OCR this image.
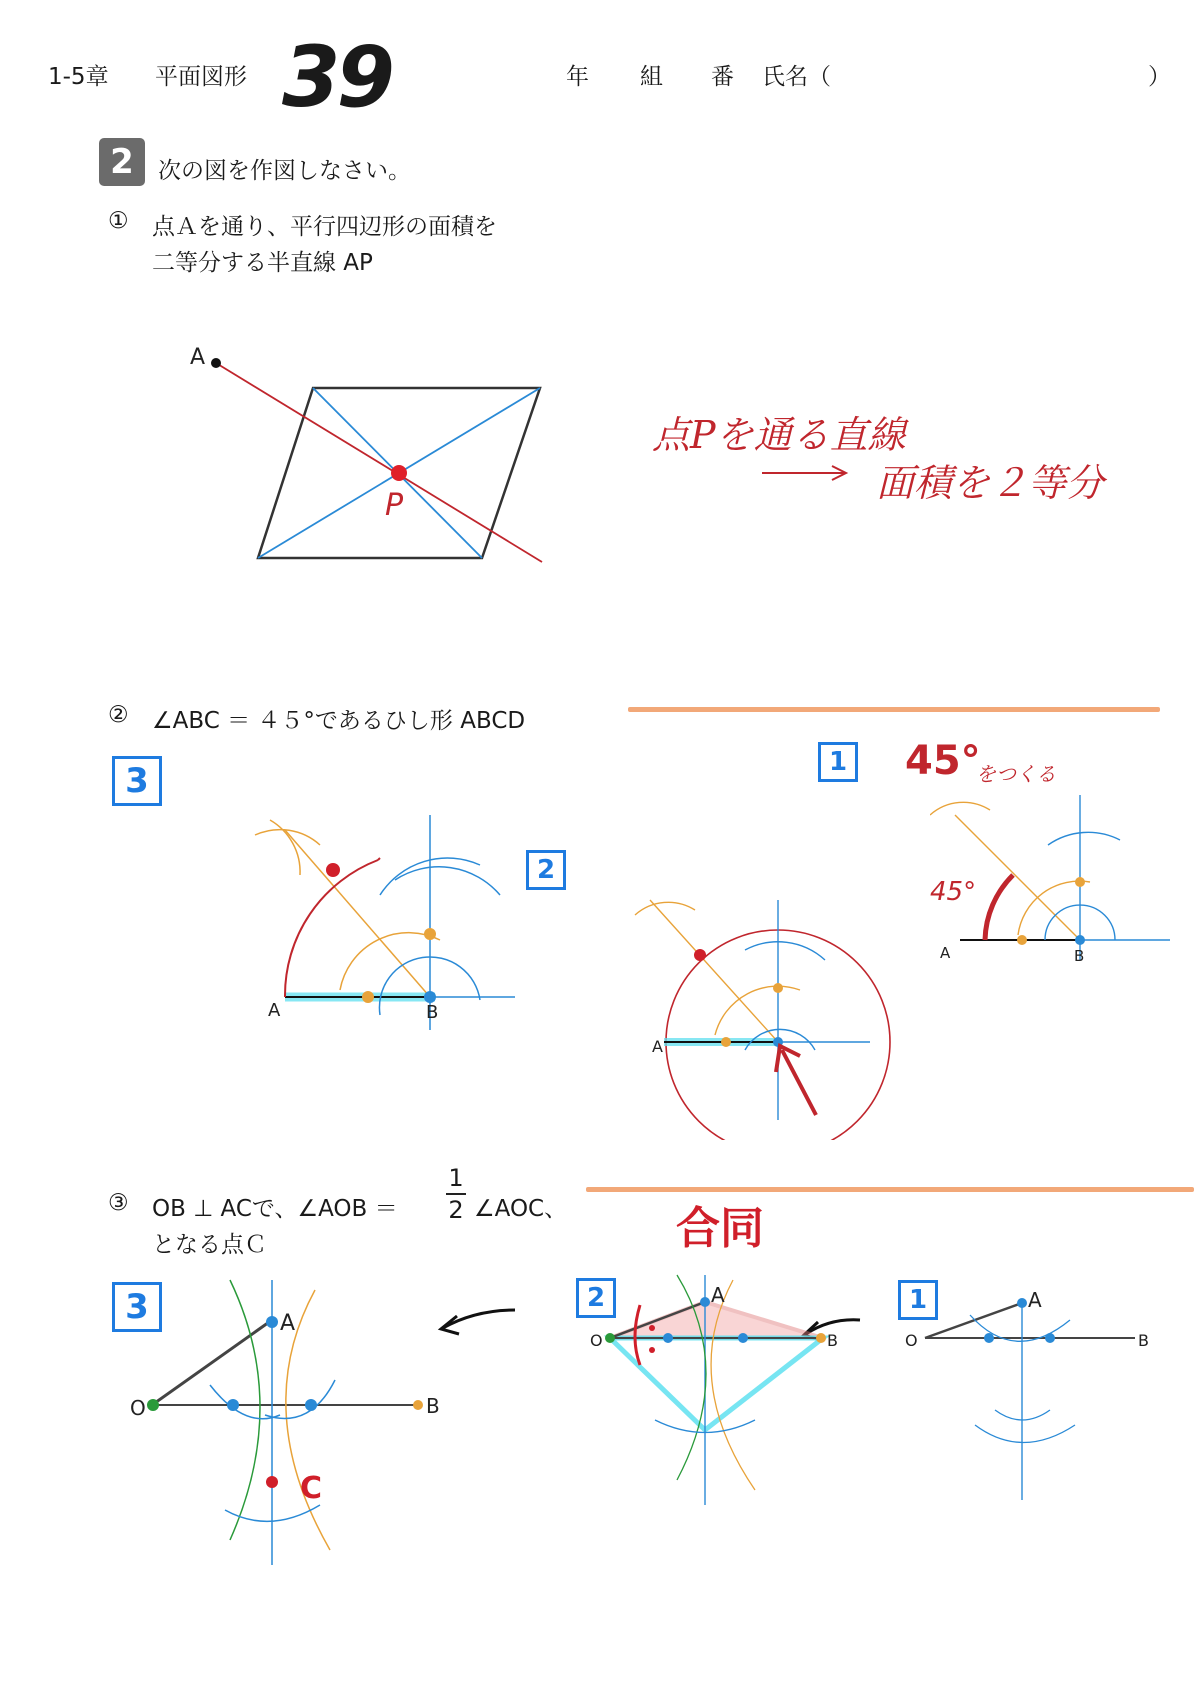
1-5章 平面図形 39	年 組 番 氏名（	）
2	次の図を作図しなさい。
① 点Ａを通り、平行四辺形の面積を
二等分する半直線 AP
A
P
点Pを通る直線
面積を２等分
② ∠ABC ＝ ４５°であるひし形 ABCD
3
2
1
A	B
A
45°
をつくる
45°
A	B
③ OB ⊥ ACで、∠AOB ＝
1
2 ∠AOC、
となる点Ｃ	合同
3	2	1
A
O	B
C
A
O	B
A
O	B
